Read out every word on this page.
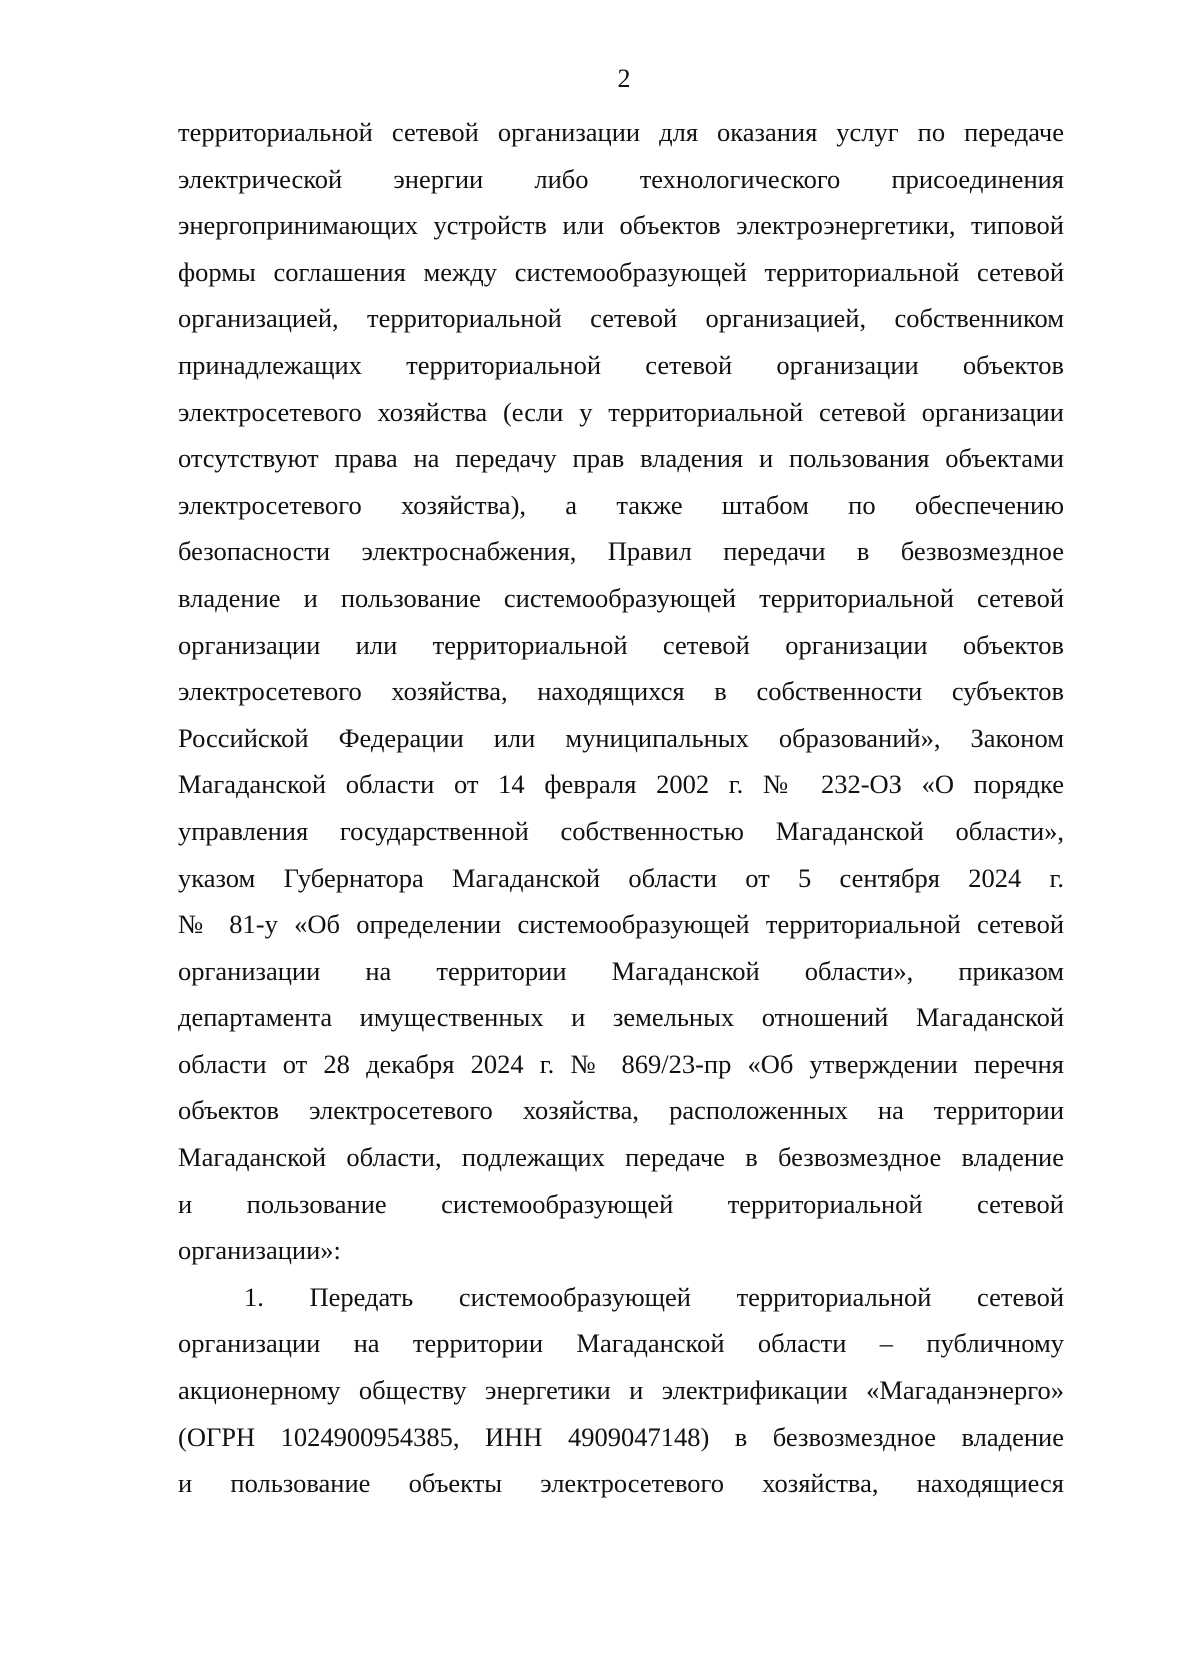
2
территориальной сетевой организации для оказания услуг по передаче
электрической энергии либо технологического присоединения
энергопринимающих устройств или объектов электроэнергетики, типовой
формы соглашения между системообразующей территориальной сетевой
организацией, территориальной сетевой организацией, собственником
принадлежащих территориальной сетевой организации объектов
электросетевого хозяйства (если у территориальной сетевой организации
отсутствуют права на передачу прав владения и пользования объектами
электросетевого хозяйства), а также штабом по обеспечению
безопасности электроснабжения, Правил передачи в безвозмездное
владение и пользование системообразующей территориальной сетевой
организации или территориальной сетевой организации объектов
электросетевого хозяйства, находящихся в собственности субъектов
Российской Федерации или муниципальных образований», Законом
Магаданской области от 14 февраля 2002 г. № 232-ОЗ «О порядке
управления государственной собственностью Магаданской области»,
указом Губернатора Магаданской области от 5 сентября 2024 г.
№ 81-у «Об определении системообразующей территориальной сетевой
организации на территории Магаданской области», приказом
департамента имущественных и земельных отношений Магаданской
области от 28 декабря 2024 г. № 869/23-пр «Об утверждении перечня
объектов электросетевого хозяйства, расположенных на территории
Магаданской области, подлежащих передаче в безвозмездное владение
и пользование системообразующей территориальной сетевой
организации»:
1. Передать системообразующей территориальной сетевой
организации на территории Магаданской области – публичному
акционерному обществу энергетики и электрификации «Магаданэнерго»
(ОГРН 1024900954385, ИНН 4909047148) в безвозмездное владение
и пользование объекты электросетевого хозяйства, находящиеся
